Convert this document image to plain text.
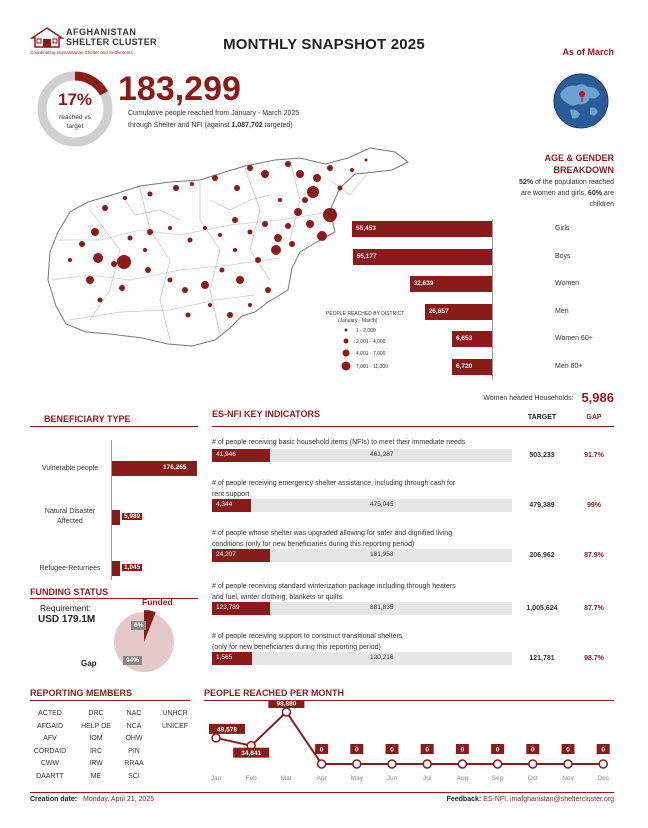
AFGHANISTAN
SHELTER CLUSTER
Coordinating Humanitarian Shelter and Settlements	MONTHLY SNAPSHOT 2025	As of March
17%
reached vs
target
183,299
Cumulative people reached from January - March 2025
through Shelter and NFI (against 1,087,702 targeted)
PEOPLE REACHED BY DISTRICT
(January - March)
1 - 2,000
2,001 - 4,000
4,001 - 7,000
7,001 - 11,000
AGE & GENDER
BREAKDOWN
52% of the population reached
are women and girls, 60% are
children
55,453	Girls
55,177	Boys
32,639	Women
26,657	Men
6,653	Women 60+
6,720	Men 60+
Women headed Households: 5,986
BENEFICIARY TYPE
176,265
Vulnerable people
5,989
Natural Disaster
Affected
1,045
Refugee-Returnees
FUNDING STATUS
Requirement:
USD 179.1M
Funded
Gap
6%
94%
ES-NFI KEY INDICATORS	TARGET	GAP
# of people receiving basic household items (NFIs) to meet their immediate needs
41,946	461,287	503,233	91.7%
# of people receiving emergency shelter assistance, including through cash for
rent support
4,344	475,045	479,389	99%
# of people whose shelter was upgraded allowing for safer and dignified living
conditions (only for new beneficiaries during this reporting period)
24,207	181,958	206,962	87.9%
# of people receiving standard winterization package including through heaters
and fuel, winter clothing, blankets or quilts.
123,789	881,835	1,005,624	87.7%
# of people receiving support to construct transitional shelters
(only for new beneficiaries during this reporting period)
1,565	120,216	121,781	98.7%
REPORTING MEMBERS
ACTED
AFGAID
AFV
CORDAID
CWW
DAARTT
DRC
HELP DE
IOM
IRC
IRW
ME
NAC
NCA
OHW
PIN
RRAA
SCI
UNHCR
UNICEF
PEOPLE REACHED PER MONTH
49,578
Jan
34,841
Feb
98,880
Mar
0
Apr
0
May
0
Jun
0
Jul
0
Aug
0
Sep
0
Oct
0
Nov
0
Dec
Creation date: Monday, April 21, 2025	Feedback: ES-NFI, imafghanistan@sheltercluster.org
